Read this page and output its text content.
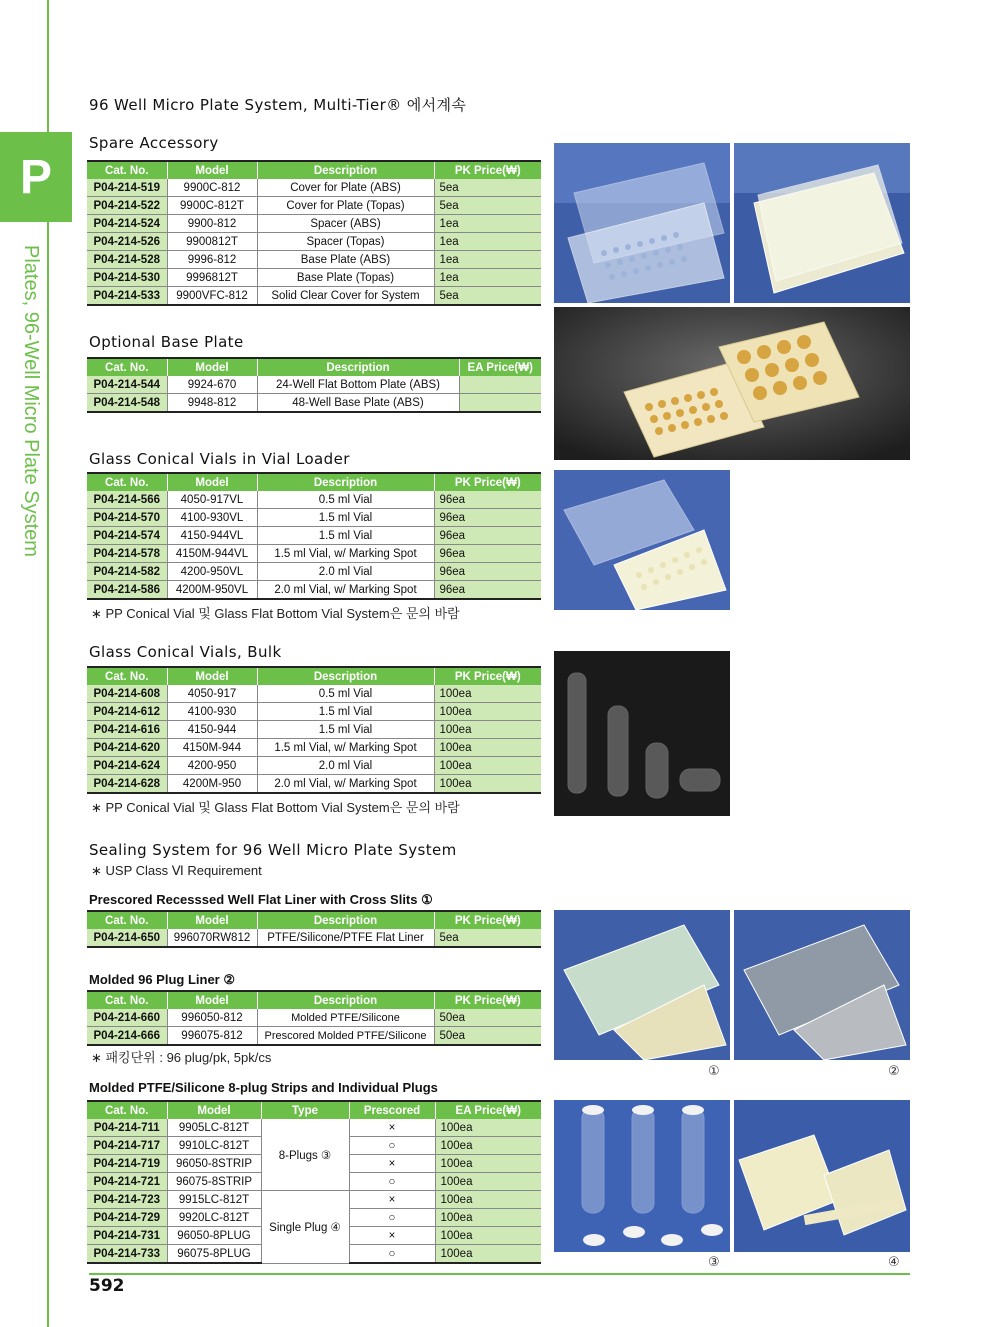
P
Plates, 96-Well Micro Plate System
96 Well Micro Plate System, Multi-Tier® 에서계속
Spare Accessory
Cat. No.	Model	Description	PK Price(₩)
P04-214-519	9900C-812	Cover for Plate (ABS)	5ea
P04-214-522	9900C-812T	Cover for Plate (Topas)	5ea
P04-214-524	9900-812	Spacer (ABS)	1ea
P04-214-526	9900812T	Spacer (Topas)	1ea
P04-214-528	9996-812	Base Plate (ABS)	1ea
P04-214-530	9996812T	Base Plate (Topas)	1ea
P04-214-533	9900VFC-812	Solid Clear Cover for System	5ea
Optional Base Plate
Cat. No.	Model	Description	EA Price(₩)
P04-214-544	9924-670	24-Well Flat Bottom Plate (ABS)	
P04-214-548	9948-812	48-Well Base Plate (ABS)	
Glass Conical Vials in Vial Loader
Cat. No.	Model	Description	PK Price(₩)
P04-214-566	4050-917VL	0.5 ml Vial	96ea
P04-214-570	4100-930VL	1.5 ml Vial	96ea
P04-214-574	4150-944VL	1.5 ml Vial	96ea
P04-214-578	4150M-944VL	1.5 ml Vial, w/ Marking Spot	96ea
P04-214-582	4200-950VL	2.0 ml Vial	96ea
P04-214-586	4200M-950VL	2.0 ml Vial, w/ Marking Spot	96ea
∗ PP Conical Vial 및 Glass Flat Bottom Vial System은 문의 바람
Glass Conical Vials, Bulk
Cat. No.	Model	Description	PK Price(₩)
P04-214-608	4050-917	0.5 ml Vial	100ea
P04-214-612	4100-930	1.5 ml Vial	100ea
P04-214-616	4150-944	1.5 ml Vial	100ea
P04-214-620	4150M-944	1.5 ml Vial, w/ Marking Spot	100ea
P04-214-624	4200-950	2.0 ml Vial	100ea
P04-214-628	4200M-950	2.0 ml Vial, w/ Marking Spot	100ea
∗ PP Conical Vial 및 Glass Flat Bottom Vial System은 문의 바람
Sealing System for 96 Well Micro Plate System
∗ USP Class Ⅵ Requirement
Prescored Recesssed Well Flat Liner with Cross Slits ①
Cat. No.	Model	Description	PK Price(₩)
P04-214-650	996070RW812	PTFE/Silicone/PTFE Flat Liner	5ea
Molded 96 Plug Liner ②
Cat. No.	Model	Description	PK Price(₩)
P04-214-660	996050-812	Molded PTFE/Silicone	50ea
P04-214-666	996075-812	Prescored Molded PTFE/Silicone	50ea
∗ 패킹단위 : 96 plug/pk, 5pk/cs
Molded PTFE/Silicone 8-plug Strips and Individual Plugs
Cat. No.	Model	Type	Prescored	EA Price(₩)
P04-214-711	9905LC-812T	8-Plugs ③	×	100ea
P04-214-717	9910LC-812T		○	100ea
P04-214-719	96050-8STRIP		×	100ea
P04-214-721	96075-8STRIP		○	100ea
P04-214-723	9915LC-812T	Single Plug ④	×	100ea
P04-214-729	9920LC-812T		○	100ea
P04-214-731	96050-8PLUG		×	100ea
P04-214-733	96075-8PLUG		○	100ea
①	②
③	④
592
